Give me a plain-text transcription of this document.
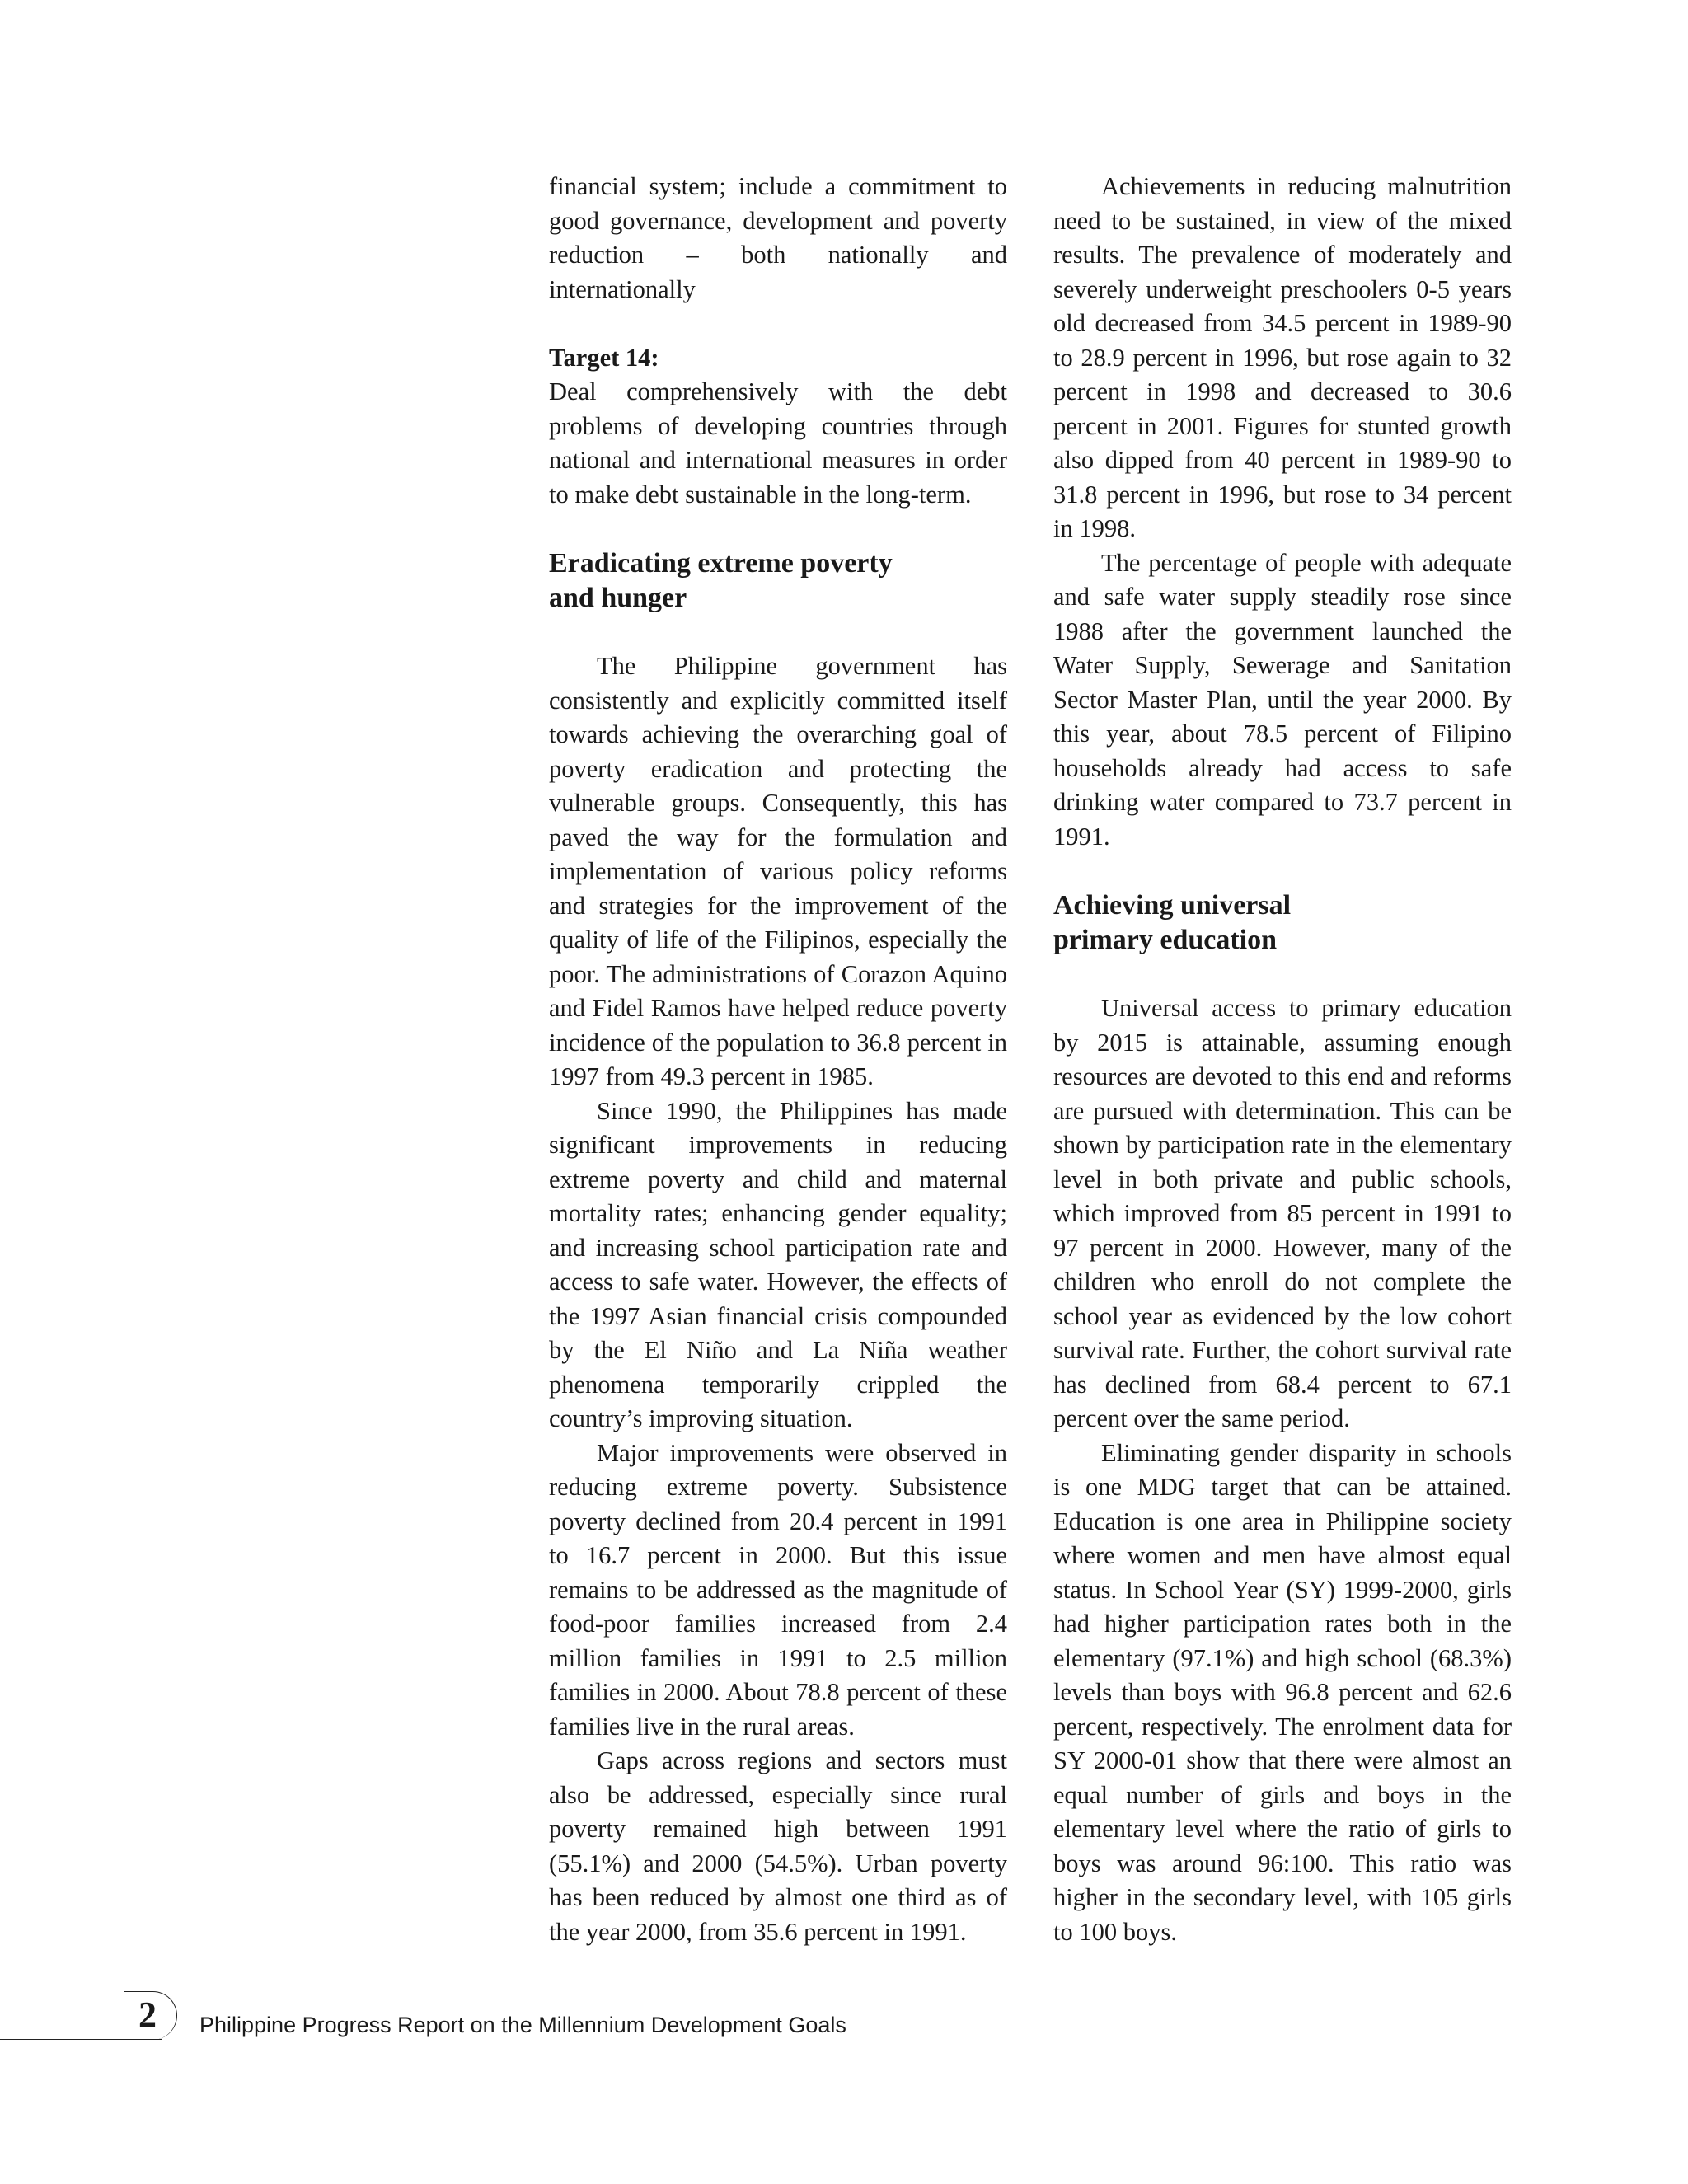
financial system; include a commitment to good governance, development and poverty reduction – both nationally and internationally

Target 14:

Deal comprehensively with the debt problems of developing countries through national and international measures in order to make debt sustainable in the long-term.

Eradicating extreme poverty
and hunger

The Philippine government has consistently and explicitly committed itself towards achieving the overarching goal of poverty eradication and protecting the vulnerable groups. Consequently, this has paved the way for the formulation and implementation of various policy reforms and strategies for the improvement of the quality of life of the Filipinos, especially the poor. The administrations of Corazon Aquino and Fidel Ramos have helped reduce poverty incidence of the population to 36.8 percent in 1997 from 49.3 percent in 1985.

Since 1990, the Philippines has made significant improvements in reducing extreme poverty and child and maternal mortality rates; enhancing gender equality; and increasing school participation rate and access to safe water. However, the effects of the 1997 Asian financial crisis compounded by the El Niño and La Niña weather phenomena temporarily crippled the country’s improving situation.

Major improvements were observed in reducing extreme poverty. Subsistence poverty declined from 20.4 percent in 1991 to 16.7 percent in 2000. But this issue remains to be addressed as the magnitude of food-poor families increased from 2.4 million families in 1991 to 2.5 million families in 2000. About 78.8 percent of these families live in the rural areas.

Gaps across regions and sectors must also be addressed, especially since rural poverty remained high between 1991 (55.1%) and 2000 (54.5%). Urban poverty has been reduced by almost one third as of the year 2000, from 35.6 percent in 1991.

Achievements in reducing malnutrition need to be sustained, in view of the mixed results. The prevalence of moderately and severely underweight preschoolers 0-5 years old decreased from 34.5 percent in 1989-90 to 28.9 percent in 1996, but rose again to 32 percent in 1998 and decreased to 30.6 percent in 2001. Figures for stunted growth also dipped from 40 percent in 1989-90 to 31.8 percent in 1996, but rose to 34 percent in 1998.

The percentage of people with adequate and safe water supply steadily rose since 1988 after the government launched the Water Supply, Sewerage and Sanitation Sector Master Plan, until the year 2000. By this year, about 78.5 percent of Filipino households already had access to safe drinking water compared to 73.7 percent in 1991.

Achieving universal
primary education

Universal access to primary education by 2015 is attainable, assuming enough resources are devoted to this end and reforms are pursued with determination. This can be shown by participation rate in the elementary level in both private and public schools, which improved from 85 percent in 1991 to 97 percent in 2000. However, many of the children who enroll do not complete the school year as evidenced by the low cohort survival rate. Further, the cohort survival rate has declined from 68.4 percent to 67.1 percent over the same period.

Eliminating gender disparity in schools is one MDG target that can be attained. Education is one area in Philippine society where women and men have almost equal status. In School Year (SY) 1999-2000, girls had higher participation rates both in the elementary (97.1%) and high school (68.3%) levels than boys with 96.8 percent and 62.6 percent, respectively. The enrolment data for SY 2000-01 show that there were almost an equal number of girls and boys in the elementary level where the ratio of girls to boys was around 96:100. This ratio was higher in the secondary level, with 105 girls to 100 boys.

2 Philippine Progress Report on the Millennium Development Goals
